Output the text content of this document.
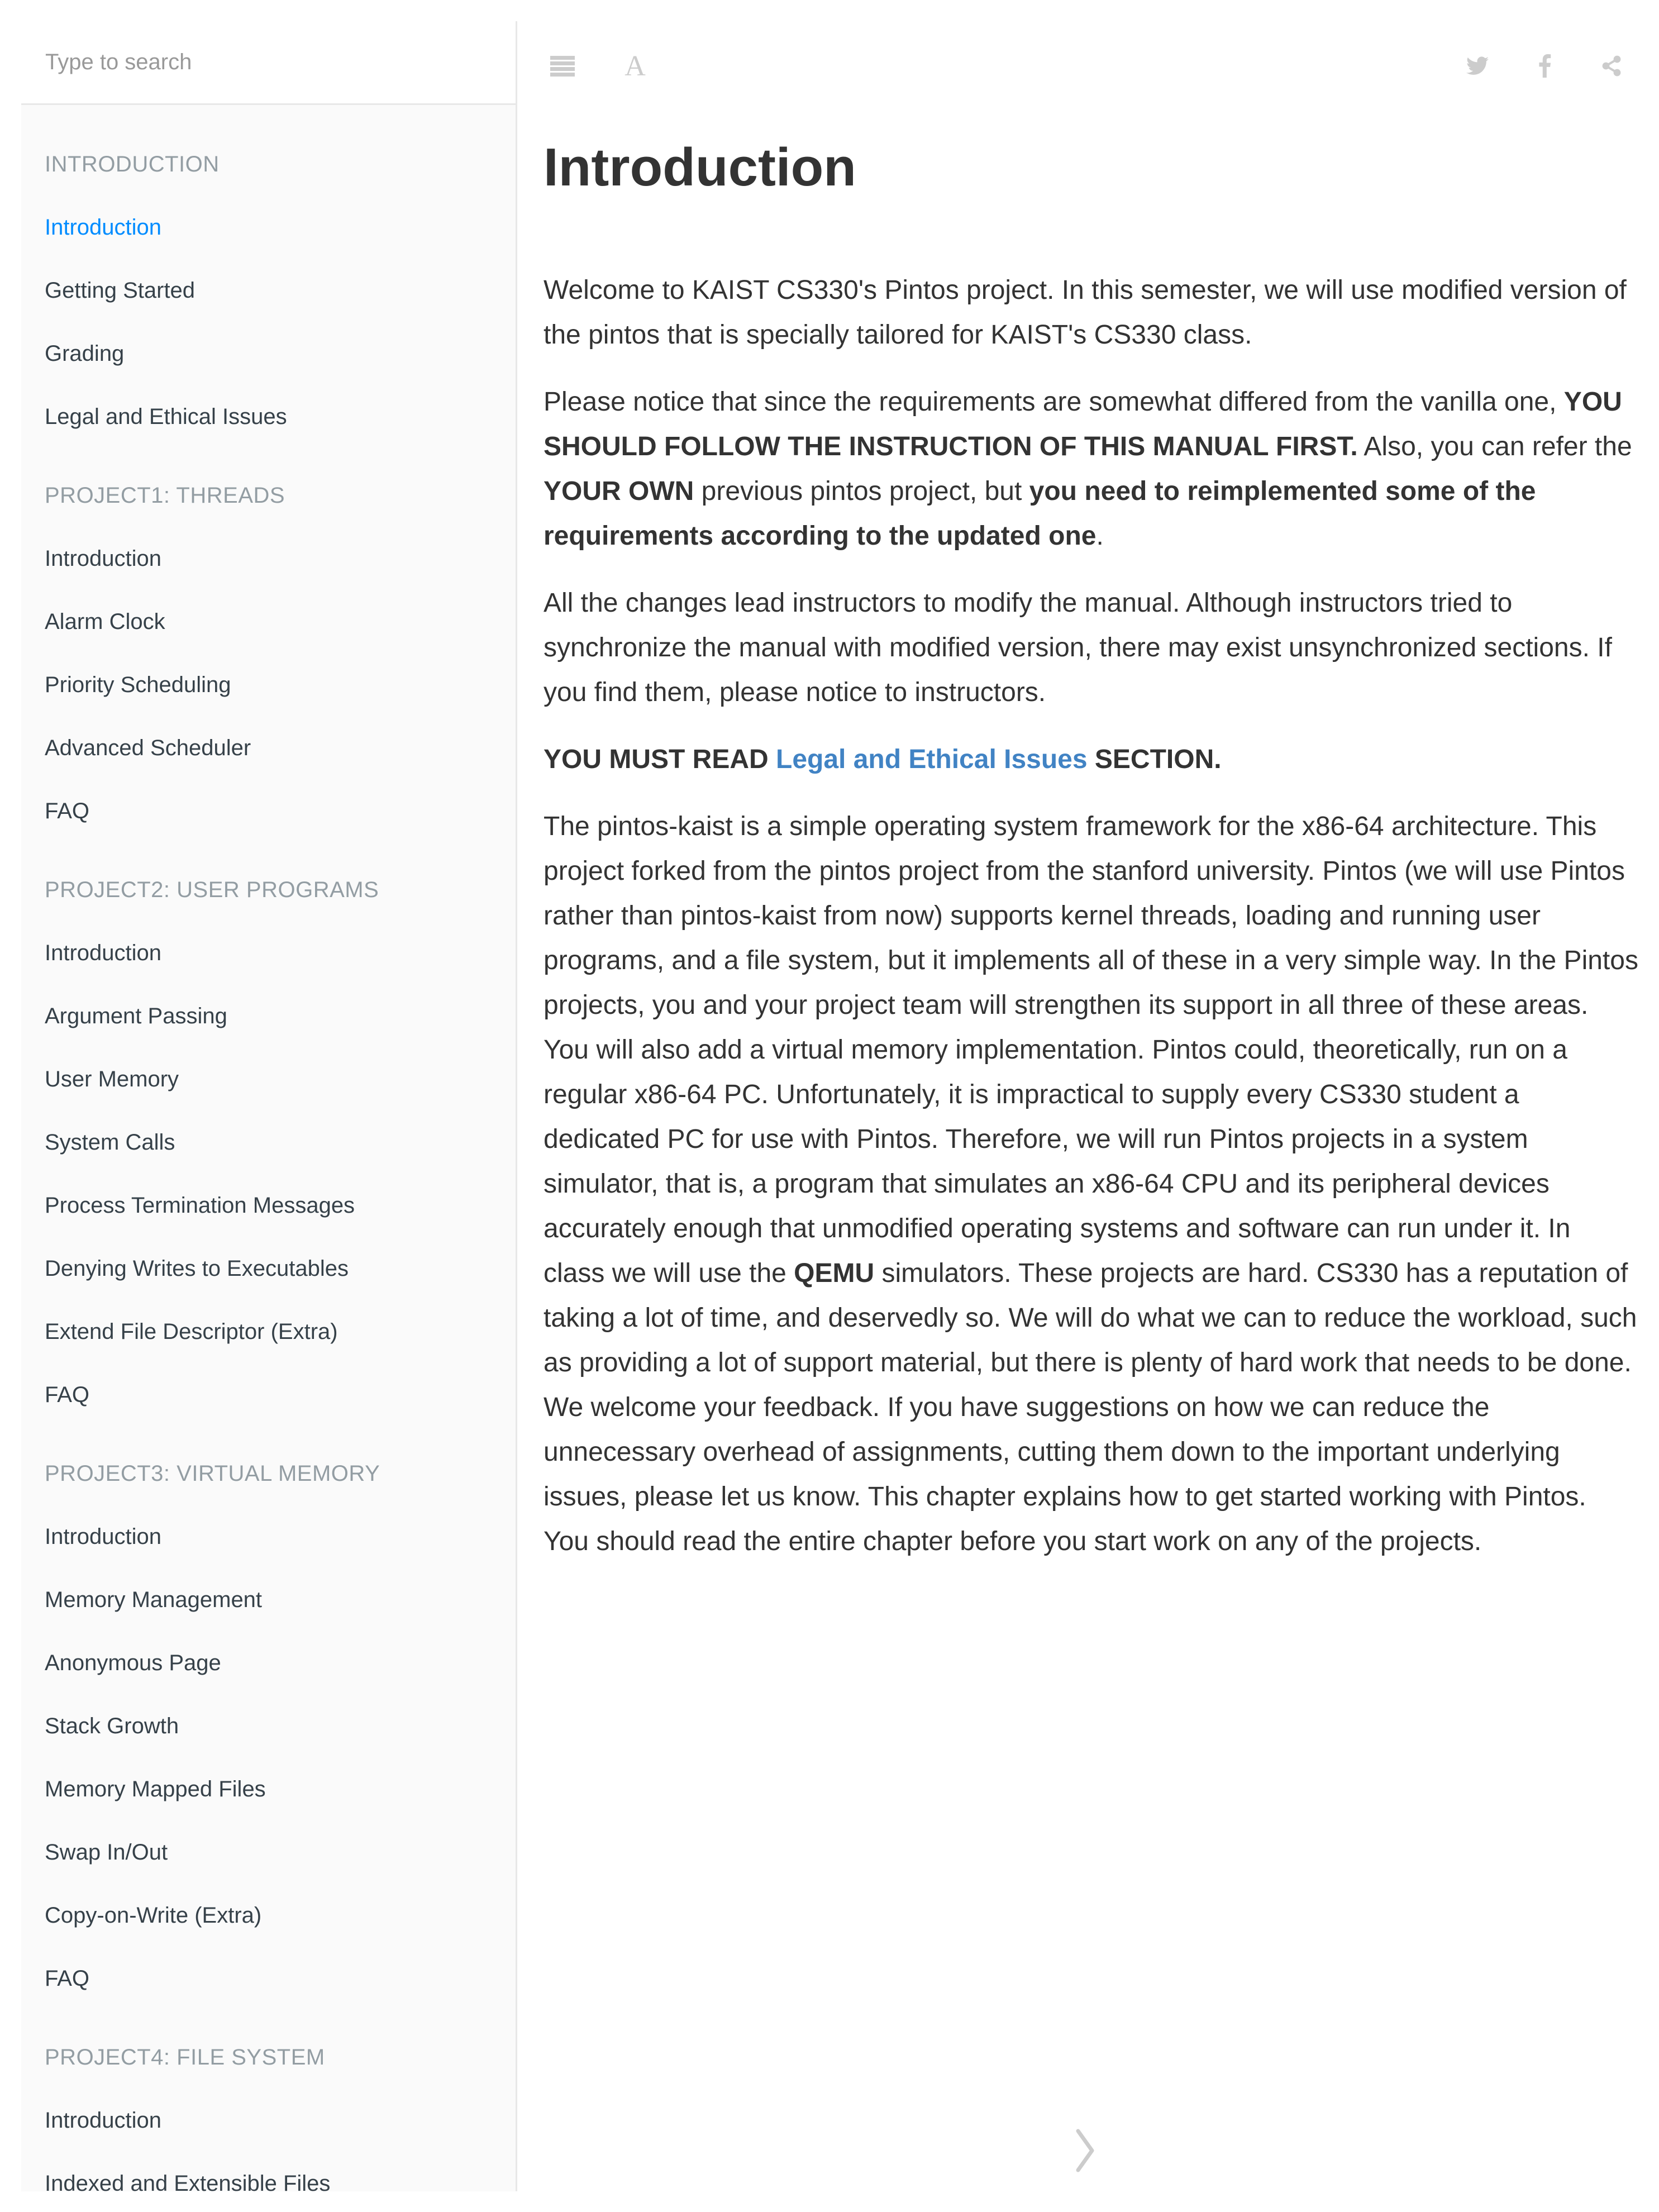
Type to search
INTRODUCTION
Introduction
Getting Started
Grading
Legal and Ethical Issues
PROJECT1: THREADS
Introduction
Alarm Clock
Priority Scheduling
Advanced Scheduler
FAQ
PROJECT2: USER PROGRAMS
Introduction
Argument Passing
User Memory
System Calls
Process Termination Messages
Denying Writes to Executables
Extend File Descriptor (Extra)
FAQ
PROJECT3: VIRTUAL MEMORY
Introduction
Memory Management
Anonymous Page
Stack Growth
Memory Mapped Files
Swap In/Out
Copy-on-Write (Extra)
FAQ
PROJECT4: FILE SYSTEM
Introduction
Indexed and Extensible Files
A
Introduction

Welcome to KAIST CS330's Pintos project. In this semester, we will use modified version of the pintos that is specially tailored for KAIST's CS330 class.

Please notice that since the requirements are somewhat differed from the vanilla one, YOU SHOULD FOLLOW THE INSTRUCTION OF THIS MANUAL FIRST. Also, you can refer the YOUR OWN previous pintos project, but you need to reimplemented some of the requirements according to the updated one.

All the changes lead instructors to modify the manual. Although instructors tried to synchronize the manual with modified version, there may exist unsynchronized sections. If you find them, please notice to instructors.

YOU MUST READ Legal and Ethical Issues SECTION.

The pintos-kaist is a simple operating system framework for the x86-64 architecture. This project forked from the pintos project from the stanford university. Pintos (we will use Pintos rather than pintos-kaist from now) supports kernel threads, loading and running user programs, and a file system, but it implements all of these in a very simple way. In the Pintos projects, you and your project team will strengthen its support in all three of these areas. You will also add a virtual memory implementation. Pintos could, theoretically, run on a regular x86-64 PC. Unfortunately, it is impractical to supply every CS330 student a dedicated PC for use with Pintos. Therefore, we will run Pintos projects in a system simulator, that is, a program that simulates an x86-64 CPU and its peripheral devices accurately enough that unmodified operating systems and software can run under it. In class we will use the QEMU simulators. These projects are hard. CS330 has a reputation of taking a lot of time, and deservedly so. We will do what we can to reduce the workload, such as providing a lot of support material, but there is plenty of hard work that needs to be done. We welcome your feedback. If you have suggestions on how we can reduce the unnecessary overhead of assignments, cutting them down to the important underlying issues, please let us know. This chapter explains how to get started working with Pintos. You should read the entire chapter before you start work on any of the projects.
